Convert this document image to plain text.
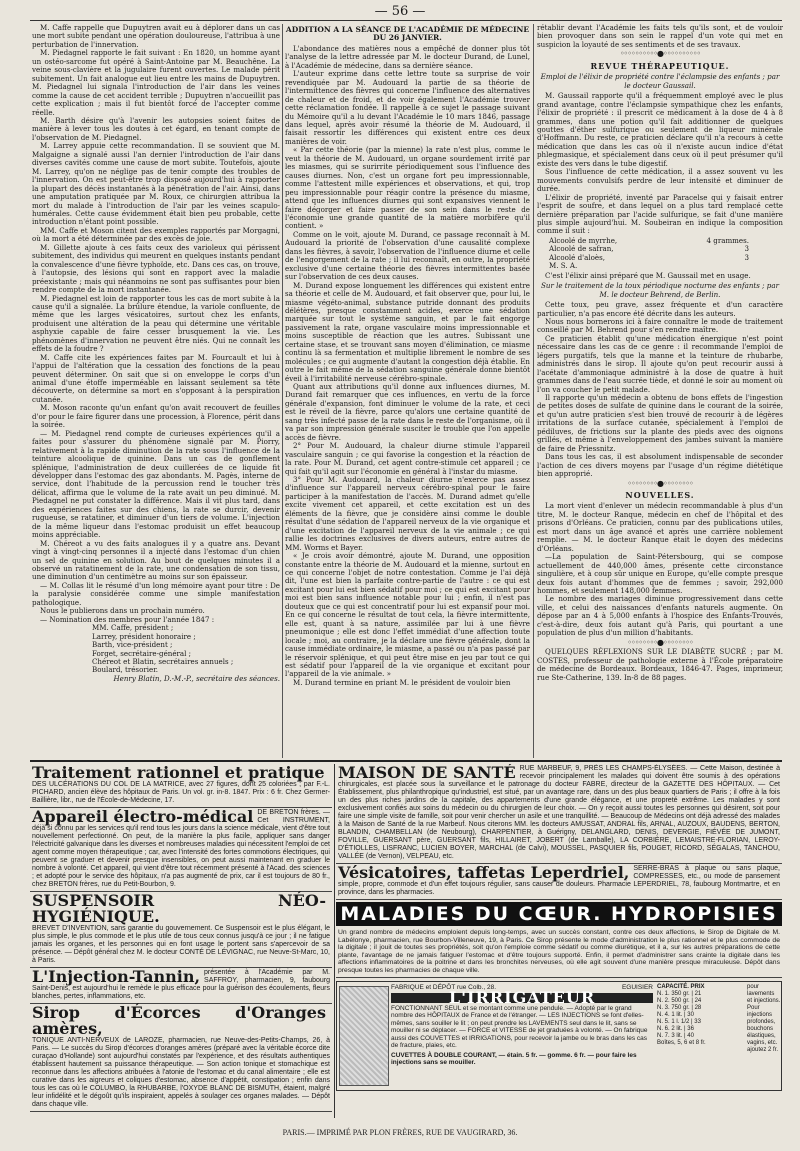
— 56 —

M. Caffe rappelle que Dupuytren avait eu à déplorer dans un cas une mort subite pendant une opération douloureuse, l'attribua à une perturbation de l'innervation.

M. Piedagnel rapporte le fait suivant : En 1820, un homme ayant un ostéo-sarcome fut opéré à Saint-Antoine par M. Beauchêne. La veine sous-clavière et la jugulaire furent ouvertes. Le malade périt subitement. Un fait analogue eut lieu entre les mains de Dupuytren. M. Piedagnel lui signala l'introduction de l'air dans les veines comme la cause de cet accident terrible ; Dupuytren n'accueillit pas cette explication ; mais il fut bientôt forcé de l'accepter comme réelle.

M. Barth désire qu'à l'avenir les autopsies soient faites de manière à lever tous les doutes à cet égard, en tenant compte de l'observation de M. Piedagnel.

M. Larrey appuie cette recommandation. Il se souvient que M. Malgaigne a signalé aussi l'an dernier l'introduction de l'air dans diverses cavités comme une cause de mort subite. Toutefois, ajoute M. Larrey, qu'on ne néglige pas de tenir compte des troubles de l'innervation. On est peut-être trop disposé aujourd'hui à rapporter la plupart des décès instantanés à la pénétration de l'air. Ainsi, dans une amputation pratiquée par M. Roux, ce chirurgien attribua la mort du malade à l'introduction de l'air par les veines scapulo-humérales. Cette cause évidemment était bien peu probable, cette introduction n'étant point possible.

MM. Caffe et Moson citent des exemples rapportés par Morgagni, où la mort a été déterminée par des excès de joie.

M. Gillette ajoute à ces faits ceux des varioleux qui périssent subitement, des individus qui meurent en quelques instants pendant la convalescence d'une fièvre typhoïde, etc. Dans ces cas, on trouve, à l'autopsie, des lésions qui sont en rapport avec la maladie préexistante ; mais qui néanmoins ne sont pas suffisantes pour bien rendre compte de la mort instantanée.

M. Piedagnel est loin de rapporter tous les cas de mort subite à la cause qu'il a signalée. La brûlure étendue, la variole confluente, de même que les larges vésicatoires, surtout chez les enfants, produisent une altération de la peau qui détermine une véritable asphyxie capable de faire cesser brusquement la vie. Les phénomènes d'innervation ne peuvent être niés. Qui ne connaît les effets de la foudre ?

M. Caffe cite les expériences faites par M. Fourcault et lui à l'appui de l'altération que la cessation des fonctions de la peau peuvent déterminer. On sait que si on enveloppe le corps d'un animal d'une étoffe imperméable en laissant seulement sa tête découverte, on détermine sa mort en s'opposant à la perspiration cutanée.

M. Moson raconte qu'un enfant qu'on avait recouvert de feuilles d'or pour le faire figurer dans une procession, à Florence, périt dans la soirée.

— M. Piedagnel rend compte de curieuses expériences qu'il a faites pour s'assurer du phénomène signalé par M. Piorry, relativement à la rapide diminution de la rate sous l'influence de la teinture alcoolique de quinine. Dans un cas de gonflement splénique, l'administration de deux cuillerées de ce liquide fit développer dans l'estomac des gaz abondants. M. Pagès, interne de service, dont l'habitude de la percussion rend le toucher très délicat, affirma que le volume de la rate avait un peu diminué. M. Piedagnel ne put constater la différence. Mais il vit plus tard, dans des expériences faites sur des chiens, la rate se durcir, devenir rugueuse, se ratatiner, et diminuer d'un tiers de volume. L'injection de la même liqueur dans l'estomac produisit un effet beaucoup moins appréciable.

M. Chéreot a vu des faits analogues il y a quatre ans. Devant vingt à vingt-cinq personnes il a injecté dans l'estomac d'un chien un sel de quinine en solution. Au bout de quelques minutes il a observé un ratatinement de la rate, une condensation de son tissu, une diminution d'un centimètre au moins sur son épaisseur.

— M. Collas lit le résumé d'un long mémoire ayant pour titre : De la paralysie considérée comme une simple manifestation pathologique.

Nous le publierons dans un prochain numéro.

— Nomination des membres pour l'année 1847 :

MM. Caffe, président ;
Larrey, président honoraire ;
Barth, vice-président ;
Forget, secrétaire-général ;
Chéreot et Blatin, secrétaires annuels ;
Boulard, trésorier.

Henry Blatin, D.-M.-P., secrétaire des séances.

ADDITION A LA SÉANCE DE L'ACADÉMIE DE MÉDECINE DU 26 JANVIER.

L'abondance des matières nous a empêché de donner plus tôt l'analyse de la lettre adressée par M. le docteur Durand, de Lunel, à l'Académie de médecine, dans sa dernière séance.

L'auteur exprime dans cette lettre toute sa surprise de voir revendiquée par M. Audouard la partie de sa théorie de l'intermittence des fièvres qui concerne l'influence des alternatives de chaleur et de froid, et de voir également l'Académie trouver cette réclamation fondée. Il rappelle à ce sujet le passage suivant du Mémoire qu'il a lu devant l'Académie le 10 mars 1846, passage dans lequel, après avoir résumé la théorie de M. Audouard, il faisait ressortir les différences qui existent entre ces deux manières de voir.

« Par cette théorie (par la mienne) la rate n'est plus, comme le veut la théorie de M. Audouard, un organe sourdement irrité par les miasmes, qui se surirrite périodiquement sous l'influence des causes diurnes. Non, c'est un organe fort peu impressionnable, comme l'attestent mille expériences et observations, et qui, trop peu impressionnable pour réagir contre la présence du miasme, attend que les influences diurnes qui sont expansives viennent le faire dégorger et faire passer de son sein dans le reste de l'économie une grande quantité de la matière morbifère qu'il contient. »

Comme on le voit, ajoute M. Durand, ce passage reconnaît à M. Audouard la priorité de l'observation d'une causalité complexe dans les fièvres, à savoir, l'observation de l'influence diurne et celle de l'engorgement de la rate ; il lui reconnaît, en outre, la propriété exclusive d'une certaine théorie des fièvres intermittentes basée sur l'observation de ces deux causes.

M. Durand expose longuement les différences qui existent entre sa théorie et celle de M. Audouard, et fait observer que, pour lui, le miasme végéto-animal, substance putride donnant des produits délétères, presque constamment acides, exerce une sédation marquée sur tout le système sanguin, et par le fait engorge passivement la rate, organe vasculaire moins impressionnable et moins susceptible de réaction que les autres. Subissant une certaine stase, et se trouvant sans moyen d'élimination, ce miasme continu là sa fermentation et multiplie librement le nombre de ses molécules ; ce qui augmente d'autant la congestion déjà établie. En outre le fait même de la sédation sanguine générale donne bientôt éveil à l'irritabilité nerveuse cérébro-spinale.

Quant aux attributions qu'il donne aux influences diurnes, M. Durand fait remarquer que ces influences, en vertu de la force générale d'expansion, font diminuer le volume de la rate, et ceci est le réveil de la fièvre, parce qu'alors une certaine quantité de sang très infecté passe de la rate dans le reste de l'organisme, où il va par son impression générale susciter le trouble que l'on appelle accès de fièvre.

2° Pour M. Audouard, la chaleur diurne stimule l'appareil vasculaire sanguin ; ce qui favorise la congestion et la réaction de la rate. Pour M. Durand, cet agent contre-stimule cet appareil ; ce qui fait qu'il agit sur l'économie en général à l'instar du miasme.

3° Pour M. Audouard, la chaleur diurne n'exerce pas assez d'influence sur l'appareil nerveux cérébro-spinal pour le faire participer à la manifestation de l'accès. M. Durand admet qu'elle excite vivement cet appareil, et cette excitation est un des éléments de la fièvre, que je considère ainsi comme le double résultat d'une sédation de l'appareil nerveux de la vie organique et d'une excitation de l'appareil nerveux de la vie animale ; ce qui rallie les doctrines exclusives de divers auteurs, entre autres de MM. Worms et Bayer.

« Je crois avoir démontré, ajoute M. Durand, une opposition constante entre la théorie de M. Audouard et la mienne, surtout en ce qui concerne l'objet de notre contestation. Comme je l'ai déjà dit, l'une est bien la parfaite contre-partie de l'autre : ce qui est excitant pour lui est bien sédatif pour moi ; ce qui est excitant pour moi est bien sans influence notable pour lui ; enfin, il n'est pas douteux que ce qui est concentratif pour lui est expansif pour moi. En ce qui concerne le résultat de tout cela, la fièvre intermittente, elle est, quant à sa nature, assimilée par lui à une fièvre pneumonique ; elle est donc l'effet immédiat d'une affection toute locale ; moi, au contraire, je la déclare une fièvre générale, dont la cause immédiate ordinaire, le miasme, a passé ou n'a pas passé par le réservoir splénique, et qui peut être mise en jeu par tout ce qui est sédatif pour l'appareil de la vie organique et excitant pour l'appareil de la vie animale. »

M. Durand termine en priant M. le président de vouloir bien

rétablir devant l'Académie les faits tels qu'ils sont, et de vouloir bien provoquer dans son sein le rappel d'un vote qui met en suspicion la loyauté de ses sentiments et de ses travaux.

◦◦◦◦◦◦◦◦◦◦●◦◦◦◦◦◦◦◦◦◦

REVUE THÉRAPEUTIQUE.

Emploi de l'élixir de propriété contre l'éclampsie des enfants ; par le docteur Gaussail.

M. Gaussail rapporte qu'il a fréquemment employé avec le plus grand avantage, contre l'éclampsie sympathique chez les enfants, l'élixir de propriété : il prescrit ce médicament à la dose de 4 à 8 grammes, dans une potion qu'il fait additionner de quelques gouttes d'éther sulfurique ou seulement de liqueur minérale d'Hoffmann. Du reste, ce praticien déclare qu'il n'a recours à cette médication que dans les cas où il n'existe aucun indice d'état phlegmasique, et spécialement dans ceux où il peut présumer qu'il existe des vers dans le tube digestif.

Sous l'influence de cette médication, il a assez souvent vu les mouvements convulsifs perdre de leur intensité et diminuer de durée.

L'élixir de propriété, inventé par Paracelse qui y faisait entrer l'esprit de soufre, et dans lequel on a plus tard remplacé cette dernière préparation par l'acide sulfurique, se fait d'une manière plus simple aujourd'hui. M. Soubeiran en indique la composition comme il suit :

Alcoolé de myrrhe,	4 grammes.
Alcoolé de safran,	3
Alcoolé d'aloès,	3
M. S. A.

C'est l'élixir ainsi préparé que M. Gaussail met en usage.

Sur le traitement de la toux périodique nocturne des enfants ; par M. le docteur Behrend, de Berlin.

Cette toux, peu grave, assez fréquente et d'un caractère particulier, n'a pas encore été décrite dans les auteurs.

Nous nous bornerons ici à faire connaître le mode de traitement conseillé par M. Behrend pour s'en rendre maître.

Ce praticien établit qu'une médication énergique n'est point nécessaire dans les cas de ce genre : il recommande l'emploi de légers purgatifs, tels que la manne et la teinture de rhubarbe, administrés dans le sirop. Il ajoute qu'on peut recourir aussi à l'acétate d'ammoniaque administré à la dose de quatre à huit grammes dans de l'eau sucrée tiède, et donné le soir au moment où l'on va coucher le petit malade.

Il rapporte qu'un médecin a obtenu de bons effets de l'ingestion de petites doses de sulfate de quinine dans le courant de la soirée, et qu'un autre praticien s'est bien trouvé de recourir à de légères irritations de la surface cutanée, spécialement à l'emploi de pédiluves, de frictions sur la plante des pieds avec des oignons grillés, et même à l'enveloppement des jambes suivant la manière de faire de Priessnitz.

Dans tous les cas, il est absolument indispensable de seconder l'action de ces divers moyens par l'usage d'un régime diététique bien approprié.

◦◦◦◦◦◦◦◦●◦◦◦◦◦◦◦◦

NOUVELLES.

La mort vient d'enlever un médecin recommandable à plus d'un titre, M. le docteur Ranque, médecin en chef de l'hôpital et des prisons d'Orléans. Ce praticien, connu par des publications utiles, est mort dans un âge avancé et après une carrière noblement remplie. — M. le docteur Ranque était le doyen des médecins d'Orléans.

—La population de Saint-Pétersbourg, qui se compose actuellement de 440,000 âmes, présente cette circonstance singulière, et à coup sûr unique en Europe, qu'elle compte presque deux fois autant d'hommes que de femmes ; savoir, 292,000 hommes, et seulement 148,000 femmes.

Le nombre des mariages diminue progressivement dans cette ville, et celui des naissances d'enfants naturels augmente. On dépose par an 4 à 5,000 enfants à l'hospice des Enfants-Trouvés, c'est-à-dire, deux fois autant qu'à Paris, qui pourtant a une population de plus d'un million d'habitants.

◦◦◦◦◦◦◦◦●◦◦◦◦◦◦◦◦

QUELQUES RÉFLEXIONS SUR LE DIABÈTE SUCRÉ ; par M. COSTES, professeur de pathologie externe à l'École préparatoire de médecine de Bordeaux. Bordeaux, 1846-47. Pages, imprimeur, rue Ste-Catherine, 139. In-8 de 88 pages.

Traitement rationnel et pratique
DES ULCÉRATIONS DU COL DE LA MATRICE, avec 27 figures, dont 25 coloriées ; par F.-L. PICHARD, ancien élève des hôpitaux de Paris. Un vol. gr. in-8. 1847. Prix : 6 fr. Chez Germer-Baillière, libr., rue de l'École-de-Médecine, 17.
Appareil électro-médical DE BRETON frères. — Cet INSTRUMENT, déjà si connu par les services qu'il rend tous les jours dans la science médicale, vient d'être tout nouvellement perfectionné. On peut, de la manière la plus facile, appliquer sans danger l'électricité galvanique dans les diverses et nombreuses maladies qui nécessitent l'emploi de cet agent comme moyen thérapeutique ; car, avec l'intensité des fortes commotions électriques, qui peuvent se graduer et devenir presque insensibles, on peut aussi maintenant en graduer le nombre à volonté. Cet appareil, qui vient d'être tout récemment présenté à l'Acad. des sciences ; et adopté pour le service des hôpitaux, n'a pas augmenté de prix, car il est toujours de 80 fr., chez BRETON frères, rue du Petit-Bourbon, 9.
SUSPENSOIR NÉO-HYGIÉNIQUE.
BREVET D'INVENTION, sans garantie du gouvernement. Ce Suspensoir est le plus élégant, le plus simple, le plus commode et le plus utile de tous ceux connus jusqu'à ce jour ; il ne fatigue jamais les organes, et les personnes qui en font usage le portent sans s'apercevoir de sa présence. — Dépôt général chez M. le docteur CONTÉ DE LÉVIGNAC, rue Neuve-St-Marc, 10, à Paris.
L'Injection-Tannin, présentée à l'Académie par M. SAFFROY, pharmacien, 9, faubourg Saint-Denis, est aujourd'hui le remède le plus efficace pour la guérison des écoulements, fleurs blanches, pertes, inflammations, etc.
Sirop d'Écorces d'Oranges amères,
TONIQUE ANTI-NERVEUX de LAROZE, pharmacien, rue Neuve-des-Petits-Champs, 26, à Paris. — Le succès du Sirop d'écorces d'oranges amères (préparé avec la véritable écorce dite curaçao d'Hollande) sont aujourd'hui constatés par l'expérience, et des résultats authentiques établissent hautement sa puissance thérapeutique. — Son action tonique et stomachique est reconnue dans les affections atribuées à l'atonie de l'estomac et du canal alimentaire ; elle est curative dans les aigreurs et coliques d'estomac, absence d'appétit, constipation ; enfin dans tous les cas où le COLUMBO, la RHUBARBE, l'OXYDE BLANC DE BISMUTH, étaient, malgré leur infidélité et le dégoût qu'ils inspiraient, appelés à soulager ces organes malades. — Dépôt dans chaque ville.
MAISON DE SANTÉ RUE MARBEUF, 9, PRÈS LES CHAMPS-ÉLYSÉES. — Cette Maison, destinée à recevoir principalement les malades qui doivent être soumis à des opérations chirurgicales, est placée sous la surveillance et le patronage du docteur FABRE, directeur de la GAZETTE DES HÔPITAUX. — Cet Établissement, plus philanthropique qu'industriel, est situé, par un avantage rare, dans un des plus beaux quartiers de Paris ; il offre à la fois un des plus riches jardins de la capitale, des appartements d'une grande élégance, et une propreté extrême. Les malades y sont exclusivement confiés aux soins du médecin ou du chirurgien de leur choix. — On y reçoit aussi toutes les personnes qui désirent, soit pour faire une simple visite de famille, soit pour venir chercher un asile et une tranquillité. — Beaucoup de Médecins ont déjà adressé des malades à la Maison de Santé de la rue Marbeuf. Nous citerons MM. les docteurs AMUSSAT, ANDRAL fils, ARNAL, AUZOUX, BAUDENS, BERTON, BLANDIN, CHAMBELLAN (de Neubourg), CHARPENTIER, à Guérigny, DELANGLARD, DENIS, DEVERGIE, FIÉVÉE DE JUMONT, FOVILLE, GUERSANT père, GUERSANT fils, HILLAIRET, JOBERT (de Lamballe), LA CORBIÈRE, LEMAISTRE-FLORIAN, LEROY-D'ÉTIOLLES, LISFRANC, LUCIEN BOYER, MARCHAL (de Calvi), MOUSSEL, PASQUIER fils, POUGET, RICORD, SÉGALAS, TANCHOU, VALLÉE (de Vernon), VELPEAU, etc.
Vésicatoires, taffetas Leperdriel, SERRE-BRAS à plaque ou sans plaque, COMPRESSES, etc., ou mode de pansement simple, propre, commode et d'un effet toujours régulier, sans causer de douleurs. Pharmacie LEPERDRIEL, 78, faubourg Montmartre, et en province, dans les pharmacies.
MALADIES DU CŒUR. HYDROPISIES
Un grand nombre de médecins emploient depuis long-temps, avec un succès constant, contre ces deux affections, le Sirop de Digitale de M. Labélonye, pharmacien, rue Bourbon-Villeneuve, 19, à Paris. Ce Sirop présente le mode d'administration le plus rationnel et le plus commode de la digitale ; il jouit de toutes ses propriétés, soit qu'on l'emploie comme sédatif ou comme diurétique, et il a, sur les autres préparations de cette plante, l'avantage de ne jamais fatiguer l'estomac et d'être toujours supporté. Enfin, il permet d'administrer sans crainte la digitale dans les affections inflammatoires de la poitrine et dans les bronchites nerveuses, où elle agit souvent d'une manière presque miraculeuse. Dépôt dans presque toutes les pharmacies de chaque ville.
FABRIQUE et DÉPÔT rue Colb., 28.	EGUISIER
L'IRRIGATEUR
FONCTIONNANT SEUL et se montant comme une pendule. — Adopté par le grand nombre des HÔPITAUX de France et de l'étranger. — LES INJECTIONS se font d'elles-mêmes, sans souiller le lit ; on peut prendre les LAVEMENTS seul dans le lit, sans se mouiller ni se déplacer. — FORCE et VITESSE de jet graduées à volonté. — On fabrique aussi des COUVETTES et IRRIGATIONS, pour recevoir la jambe ou le bras dans les cas de fracture, plaies, etc.
CUVETTES À DOUBLE COURANT, — étain. 5 fr. — gomme. 6 fr. — pour faire les injections sans se mouiller.
CAPACITÉ. PRIX
N. 1. 350 gr. | 21
N. 2. 500 gr. | 24
N. 3. 750 gr. | 28
N. 4. 1 lit. | 30
N. 5. 1 l. 1/2 | 33
N. 6. 2 lit. | 36
N. 7. 3 lit. | 40
Boîtes, 5, 6 et 8 fr.
pour lavements et injections. Pour injections profondes, bouchons élastiques, vagins, etc. ajoutez 2 fr.
PARIS.— IMPRIMÉ PAR PLON FRÈRES, RUE DE VAUGIRARD, 36.
